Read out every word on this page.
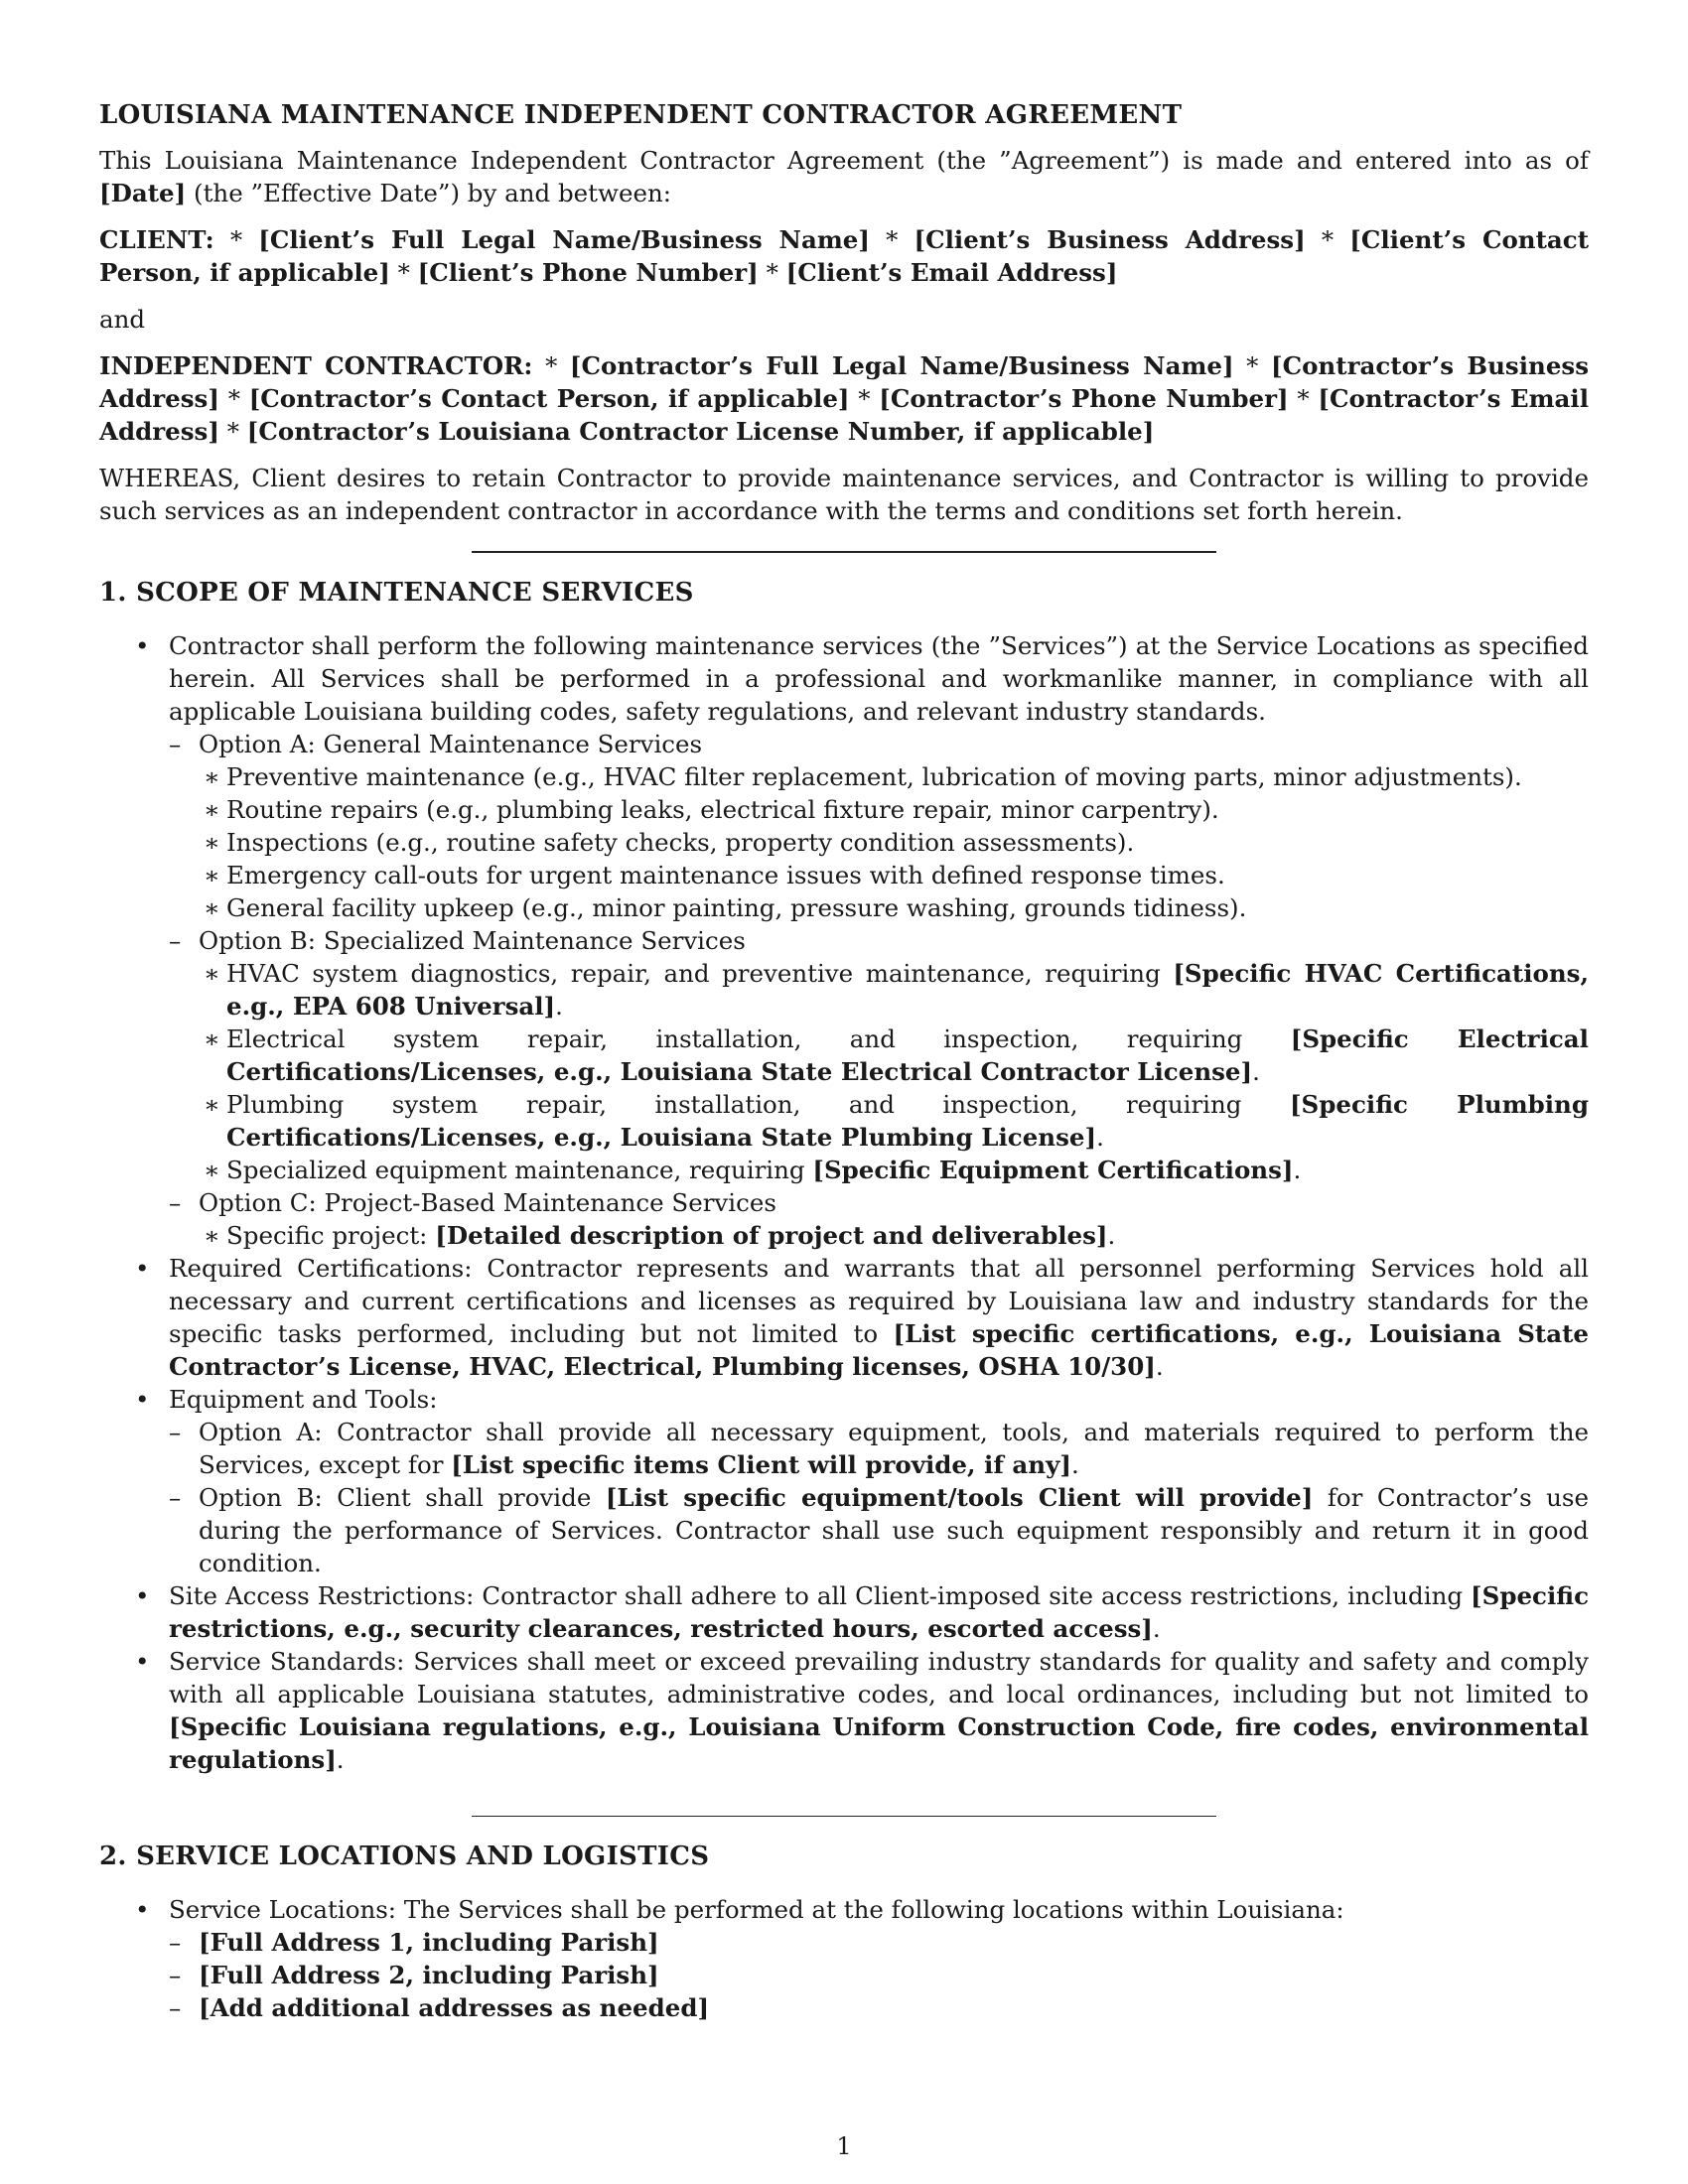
LOUISIANA MAINTENANCE INDEPENDENT CONTRACTOR AGREEMENT

This Louisiana Maintenance Independent Contractor Agreement (the ”Agreement”) is made and entered into as of [Date] (the ”Effective Date”) by and between:

CLIENT: * [Client’s Full Legal Name/Business Name] * [Client’s Business Address] * [Client’s Contact Person, if applicable] * [Client’s Phone Number] * [Client’s Email Address]

and

INDEPENDENT CONTRACTOR: * [Contractor’s Full Legal Name/Business Name] * [Contractor’s Business Address] * [Contractor’s Contact Person, if applicable] * [Contractor’s Phone Number] * [Contractor’s Email Address] * [Contractor’s Louisiana Contractor License Number, if applicable]

WHEREAS, Client desires to retain Contractor to provide maintenance services, and Contractor is willing to provide such services as an independent contractor in accordance with the terms and conditions set forth herein.

1. SCOPE OF MAINTENANCE SERVICES
• Contractor shall perform the following maintenance services (the ”Services”) at the Service Locations as specified herein. All Services shall be performed in a professional and workmanlike manner, in compliance with all applicable Louisiana building codes, safety regulations, and relevant industry standards.
– Option A: General Maintenance Services
∗ Preventive maintenance (e.g., HVAC filter replacement, lubrication of moving parts, minor adjustments).
∗ Routine repairs (e.g., plumbing leaks, electrical fixture repair, minor carpentry).
∗ Inspections (e.g., routine safety checks, property condition assessments).
∗ Emergency call-outs for urgent maintenance issues with defined response times.
∗ General facility upkeep (e.g., minor painting, pressure washing, grounds tidiness).
– Option B: Specialized Maintenance Services
∗ HVAC system diagnostics, repair, and preventive maintenance, requiring [Specific HVAC Certifications, e.g., EPA 608 Universal].
∗ Electrical system repair, installation, and inspection, requiring [Specific Electrical Certifications/Licenses, e.g., Louisiana State Electrical Contractor License].
∗ Plumbing system repair, installation, and inspection, requiring [Specific Plumbing Certifications/Licenses, e.g., Louisiana State Plumbing License].
∗ Specialized equipment maintenance, requiring [Specific Equipment Certifications].
– Option C: Project-Based Maintenance Services
∗ Specific project: [Detailed description of project and deliverables].
• Required Certifications: Contractor represents and warrants that all personnel performing Services hold all necessary and current certifications and licenses as required by Louisiana law and industry standards for the specific tasks performed, including but not limited to [List specific certifications, e.g., Louisiana State Contractor’s License, HVAC, Electrical, Plumbing licenses, OSHA 10/30].
• Equipment and Tools:
– Option A: Contractor shall provide all necessary equipment, tools, and materials required to perform the Services, except for [List specific items Client will provide, if any].
– Option B: Client shall provide [List specific equipment/tools Client will provide] for Contractor’s use during the performance of Services. Contractor shall use such equipment responsibly and return it in good condition.
• Site Access Restrictions: Contractor shall adhere to all Client-imposed site access restrictions, including [Specific restrictions, e.g., security clearances, restricted hours, escorted access].
• Service Standards: Services shall meet or exceed prevailing industry standards for quality and safety and comply with all applicable Louisiana statutes, administrative codes, and local ordinances, including but not limited to [Specific Louisiana regulations, e.g., Louisiana Uniform Construction Code, fire codes, environmental regulations].
2. SERVICE LOCATIONS AND LOGISTICS
• Service Locations: The Services shall be performed at the following locations within Louisiana:
– [Full Address 1, including Parish]
– [Full Address 2, including Parish]
– [Add additional addresses as needed]
1
